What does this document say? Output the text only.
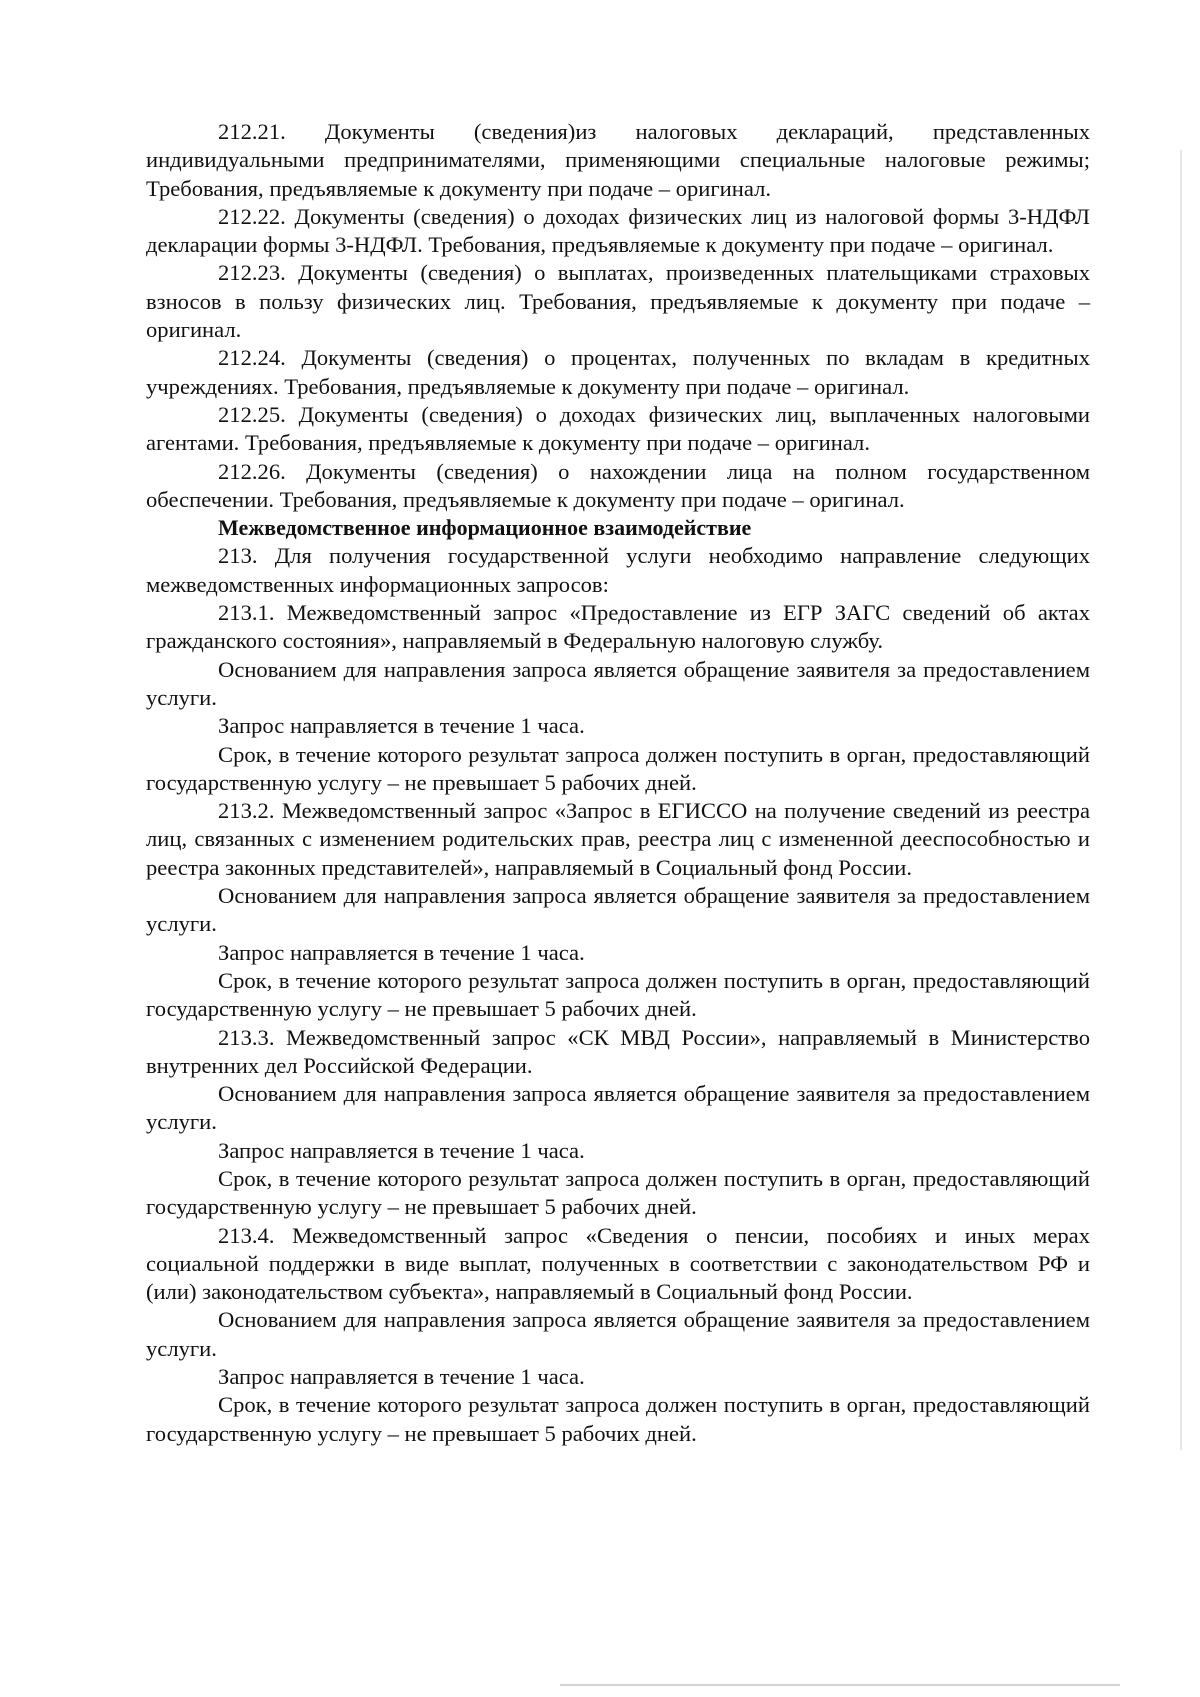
212.21. Документы (сведения)из налоговых деклараций, представленных индивидуальными предпринимателями, применяющими специальные налоговые режимы; Требования, предъявляемые к документу при подаче – оригинал.

212.22. Документы (сведения) о доходах физических лиц из налоговой формы 3-НДФЛ декларации формы 3-НДФЛ. Требования, предъявляемые к документу при подаче – оригинал.

212.23. Документы (сведения) о выплатах, произведенных плательщиками страховых взносов в пользу физических лиц. Требования, предъявляемые к документу при подаче – оригинал.

212.24. Документы (сведения) о процентах, полученных по вкладам в кредитных учреждениях. Требования, предъявляемые к документу при подаче – оригинал.

212.25. Документы (сведения) о доходах физических лиц, выплаченных налоговыми агентами. Требования, предъявляемые к документу при подаче – оригинал.

212.26. Документы (сведения) о нахождении лица на полном государственном обеспечении. Требования, предъявляемые к документу при подаче – оригинал.

Межведомственное информационное взаимодействие

213. Для получения государственной услуги необходимо направление следующих межведомственных информационных запросов:

213.1. Межведомственный запрос «Предоставление из ЕГР ЗАГС сведений об актах гражданского состояния», направляемый в Федеральную налоговую службу.

Основанием для направления запроса является обращение заявителя за предоставлением услуги.

Запрос направляется в течение 1 часа.

Срок, в течение которого результат запроса должен поступить в орган, предоставляющий государственную услугу – не превышает 5 рабочих дней.

213.2. Межведомственный запрос «Запрос в ЕГИССО на получение сведений из реестра лиц, связанных с изменением родительских прав, реестра лиц с измененной дееспособностью и реестра законных представителей», направляемый в Социальный фонд России.

Основанием для направления запроса является обращение заявителя за предоставлением услуги.

Запрос направляется в течение 1 часа.

Срок, в течение которого результат запроса должен поступить в орган, предоставляющий государственную услугу – не превышает 5 рабочих дней.

213.3. Межведомственный запрос «СК МВД России», направляемый в Министерство внутренних дел Российской Федерации.

Основанием для направления запроса является обращение заявителя за предоставлением услуги.

Запрос направляется в течение 1 часа.

Срок, в течение которого результат запроса должен поступить в орган, предоставляющий государственную услугу – не превышает 5 рабочих дней.

213.4. Межведомственный запрос «Сведения о пенсии, пособиях и иных мерах социальной поддержки в виде выплат, полученных в соответствии с законодательством РФ и (или) законодательством субъекта», направляемый в Социальный фонд России.

Основанием для направления запроса является обращение заявителя за предоставлением услуги.

Запрос направляется в течение 1 часа.

Срок, в течение которого результат запроса должен поступить в орган, предоставляющий государственную услугу – не превышает 5 рабочих дней.
